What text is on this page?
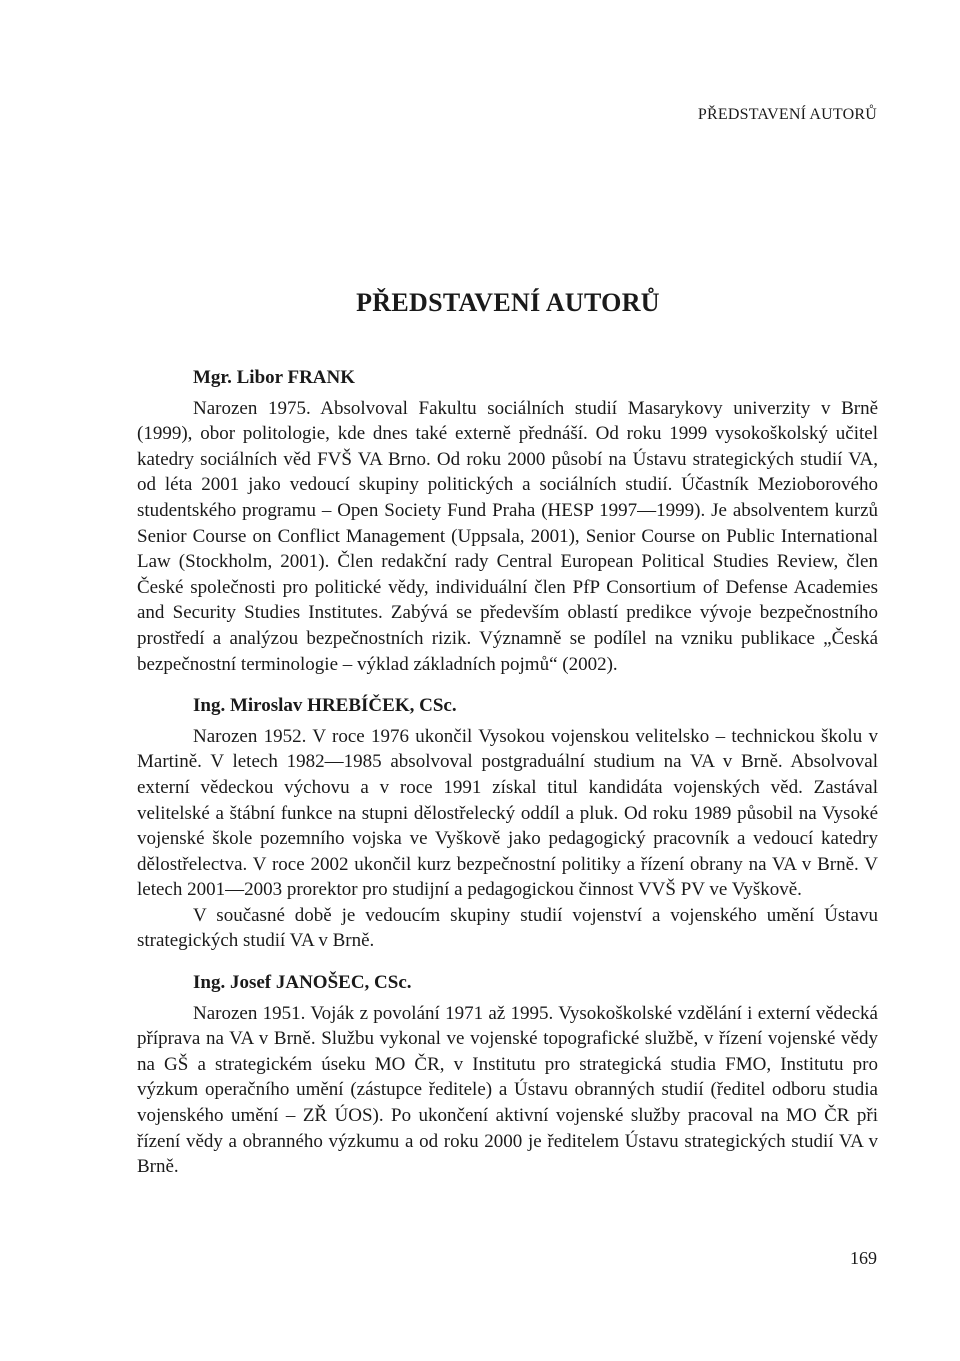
PŘEDSTAVENÍ AUTORŮ
PŘEDSTAVENÍ AUTORŮ

Mgr. Libor FRANK

Narozen 1975. Absolvoval Fakultu sociálních studií Masarykovy univerzity v Brně (1999), obor politologie, kde dnes také externě přednáší. Od roku 1999 vysokoškolský učitel katedry sociálních věd FVŠ VA Brno. Od roku 2000 působí na Ústavu strategických studií VA, od léta 2001 jako vedoucí skupiny politických a sociálních studií. Účastník Mezioborového studentského programu – Open Society Fund Praha (HESP 1997—1999). Je absolventem kurzů Senior Course on Conflict Management (Uppsala, 2001), Senior Course on Public International Law (Stockholm, 2001). Člen redakční rady Central European Political Studies Review, člen České společnosti pro politické vědy, individuální člen PfP Consortium of Defense Academies and Security Studies Institutes. Zabývá se především oblastí predikce vývoje bezpečnostního prostředí a analýzou bezpečnostních rizik. Významně se podílel na vzniku publikace „Česká bezpečnostní terminologie – výklad základních pojmů“ (2002).

Ing. Miroslav HREBÍČEK, CSc.

Narozen 1952. V roce 1976 ukončil Vysokou vojenskou velitelsko – technickou školu v Martině. V letech 1982—1985 absolvoval postgraduální studium na VA v Brně. Absolvoval externí vědeckou výchovu a v roce 1991 získal titul kandidáta vojenských věd. Zastával velitelské a štábní funkce na stupni dělostřelecký oddíl a pluk. Od roku 1989 působil na Vysoké vojenské škole pozemního vojska ve Vyškově jako pedagogický pracovník a vedoucí katedry dělostřelectva. V roce 2002 ukončil kurz bezpečnostní politiky a řízení obrany na VA v Brně. V letech 2001—2003 prorektor pro studijní a pedagogickou činnost VVŠ PV ve Vyškově.

V současné době je vedoucím skupiny studií vojenství a vojenského umění Ústavu strategických studií VA v Brně.

Ing. Josef JANOŠEC, CSc.

Narozen 1951. Voják z povolání 1971 až 1995. Vysokoškolské vzdělání i externí vědecká příprava na VA v Brně. Službu vykonal ve vojenské topografické službě, v řízení vojenské vědy na GŠ a strategickém úseku MO ČR, v Institutu pro strategická studia FMO, Institutu pro výzkum operačního umění (zástupce ředitele) a Ústavu obranných studií (ředitel odboru studia vojenského umění – ZŘ ÚOS). Po ukončení aktivní vojenské služby pracoval na MO ČR při řízení vědy a obranného výzkumu a od roku 2000 je ředitelem Ústavu strategických studií VA v Brně.

169
